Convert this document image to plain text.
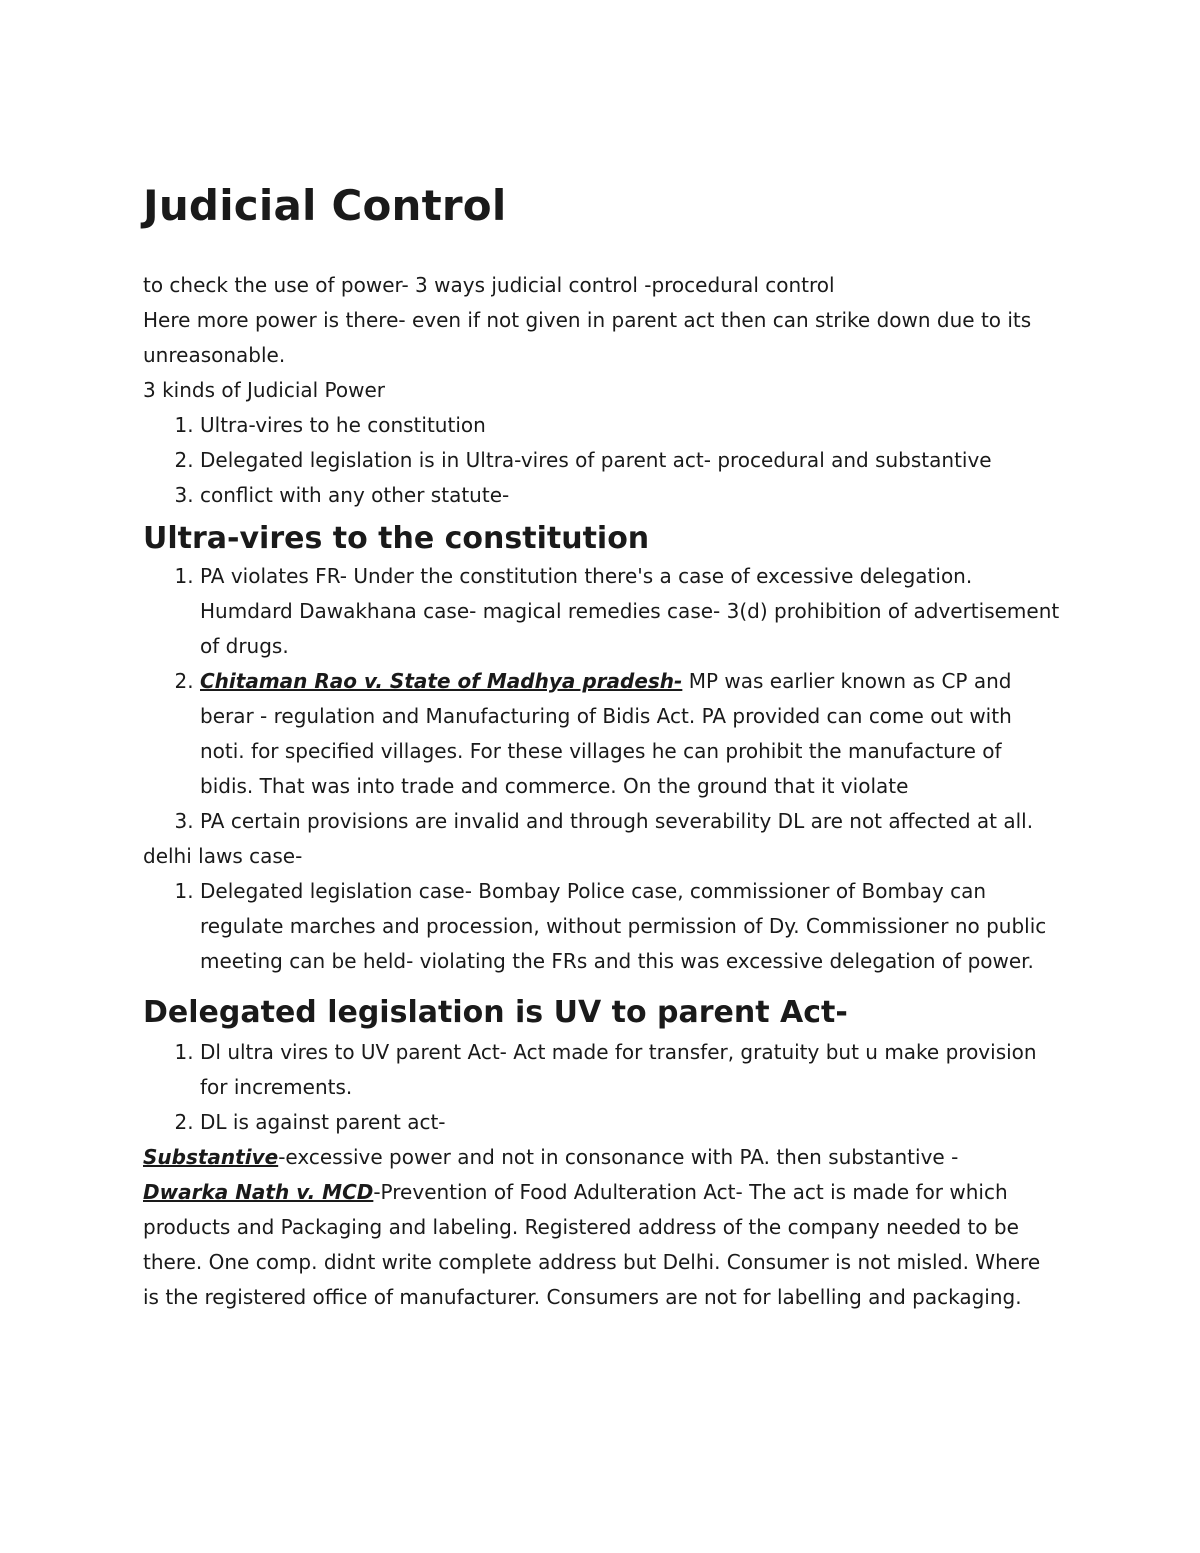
Judicial Control

to check the use of power- 3 ways judicial control -procedural control

Here more power is there- even if not given in parent act then can strike down due to its unreasonable.

3 kinds of Judicial Power

1. Ultra-vires to he constitution
2. Delegated legislation is in Ultra-vires of parent act- procedural and substantive
3. conflict with any other statute-
Ultra-vires to the constitution
1. PA violates FR- Under the constitution there's a case of excessive delegation. Humdard Dawakhana case- magical remedies case- 3(d) prohibition of advertisement of drugs.
2. Chitaman Rao v. State of Madhya pradesh- MP was earlier known as CP and berar - regulation and Manufacturing of Bidis Act. PA provided can come out with noti. for specified villages. For these villages he can prohibit the manufacture of bidis. That was into trade and commerce. On the ground that it violate
3. PA certain provisions are invalid and through severability DL are not affected at all.

delhi laws case-

1. Delegated legislation case- Bombay Police case, commissioner of Bombay can regulate marches and procession, without permission of Dy. Commissioner no public meeting can be held- violating the FRs and this was excessive delegation of power.
Delegated legislation is UV to parent Act-
1. Dl ultra vires to UV parent Act- Act made for transfer, gratuity but u make provision for increments.
2. DL is against parent act-

Substantive-excessive power and not in consonance with PA. then substantive -

Dwarka Nath v. MCD-Prevention of Food Adulteration Act- The act is made for which products and Packaging and labeling. Registered address of the company needed to be there. One comp. didnt write complete address but Delhi. Consumer is not misled. Where is the registered office of manufacturer. Consumers are not for labelling and packaging.
